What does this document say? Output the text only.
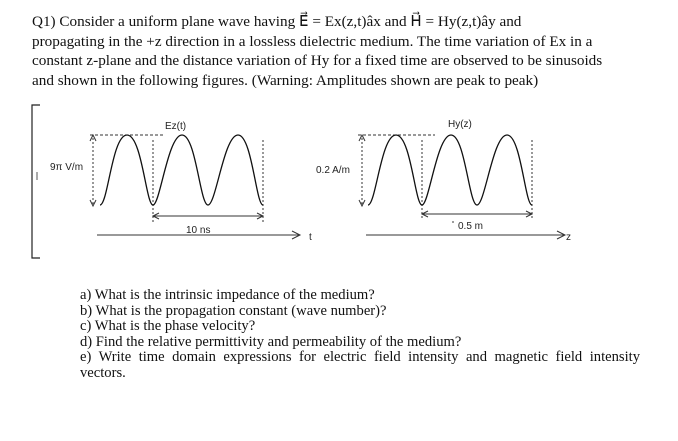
Q1) Consider a uniform plane wave having E⃗ = Ex(z,t)âx and H⃗ = Hy(z,t)ây and
propagating in the +z direction in a lossless dielectric medium. The time variation of Ex in a
constant z-plane and the distance variation of Hy for a fixed time are observed to be sinusoids
and shown in the following figures. (Warning: Amplitudes shown are peak to peak)
Ez(t)
9π V/m
10 ns
t
Hy(z)
0.2 A/m
0.5 m
z
a) What is the intrinsic impedance of the medium?
b) What is the propagation constant (wave number)?
c) What is the phase velocity?
d) Find the relative permittivity and permeability of the medium?
e) Write time domain expressions for electric field intensity and magnetic field intensity vectors.
